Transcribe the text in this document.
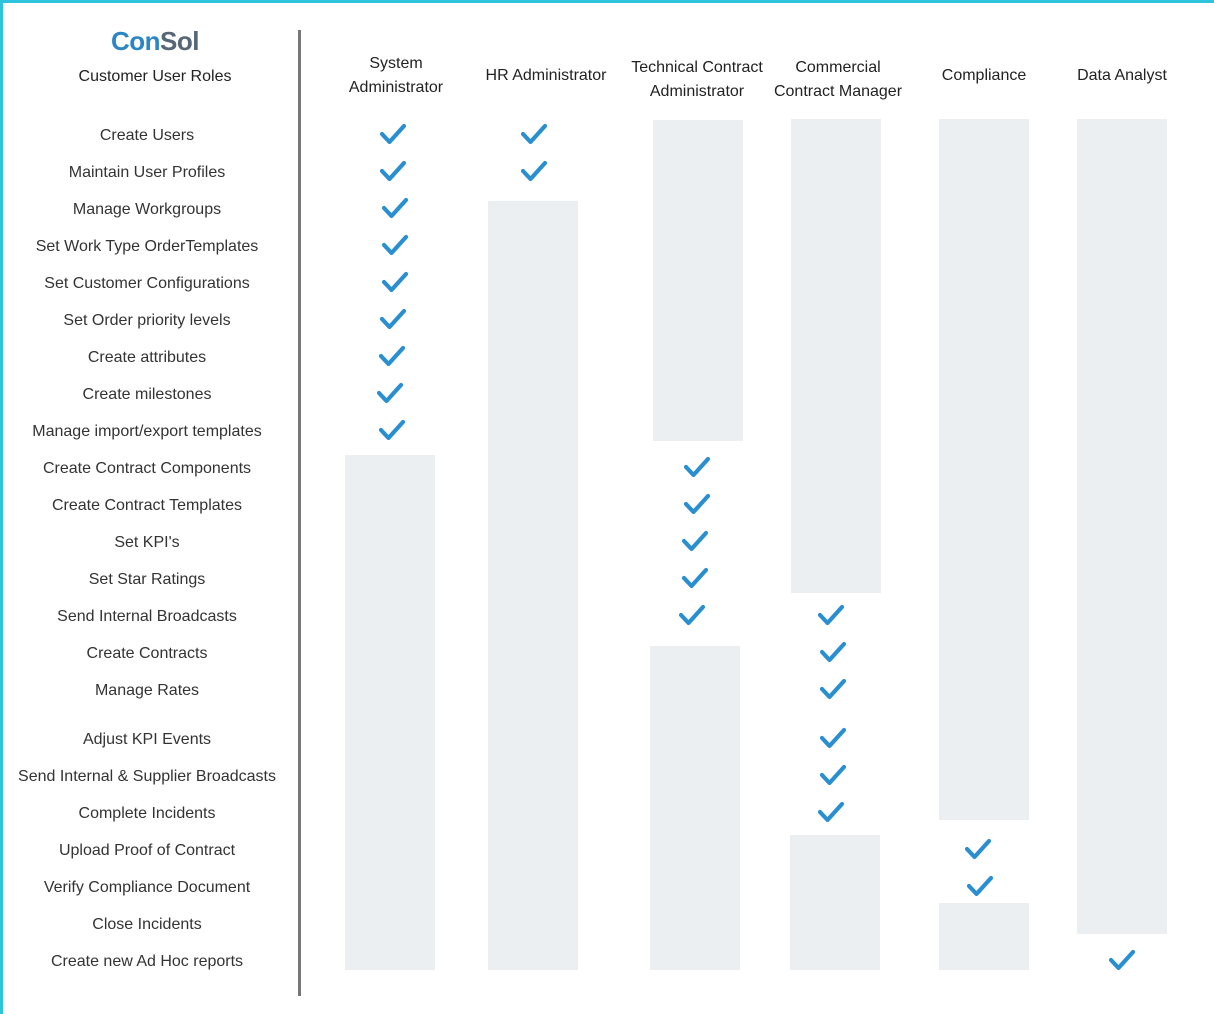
ConSol
Customer User Roles
System
Administrator
HR Administrator Technical Contract
Administrator
Commercial
Contract Manager
Compliance	Data Analyst
Create Users
Maintain User Profiles
Manage Workgroups
Set Work Type OrderTemplates
Set Customer Configurations
Set Order priority levels
Create attributes
Create milestones
Manage import/export templates
Create Contract Components
Create Contract Templates
Set KPI's
Set Star Ratings
Send Internal Broadcasts
Create Contracts
Manage Rates
Adjust KPI Events
Send Internal & Supplier Broadcasts
Complete Incidents
Upload Proof of Contract
Verify Compliance Document
Close Incidents
Create new Ad Hoc reports
